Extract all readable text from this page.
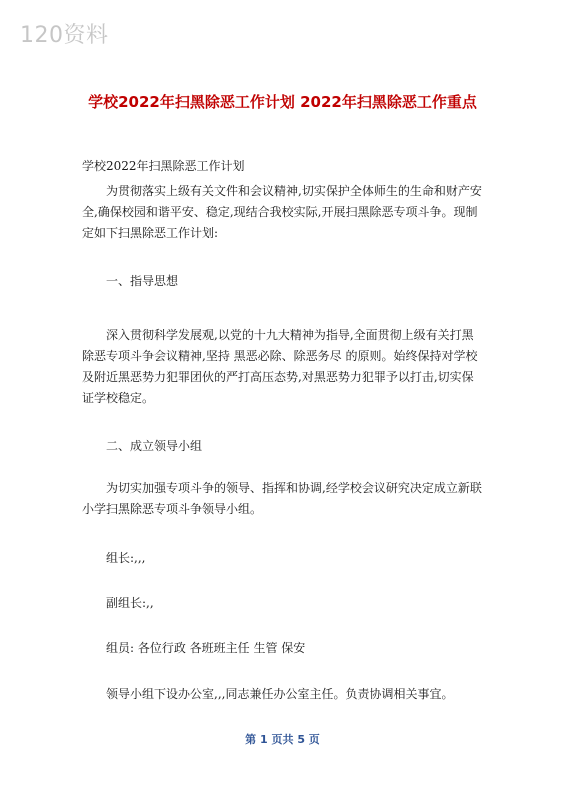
120资料
学校2022年扫黑除恶工作计划 2022年扫黑除恶工作重点

学校2022年扫黑除恶工作计划

为贯彻落实上级有关文件和会议精神,切实保护全体师生的生命和财产安全,确保校园和谐平安、稳定,现结合我校实际,开展扫黑除恶专项斗争。现制定如下扫黑除恶工作计划:

一、指导思想

深入贯彻科学发展观,以党的十九大精神为指导,全面贯彻上级有关打黑除恶专项斗争会议精神,坚持 黑恶必除、除恶务尽 的原则。始终保持对学校及附近黑恶势力犯罪团伙的严打高压态势,对黑恶势力犯罪予以打击,切实保证学校稳定。

二、成立领导小组

为切实加强专项斗争的领导、指挥和协调,经学校会议研究决定成立新联小学扫黑除恶专项斗争领导小组。

组长:,,,

副组长:,,

组员: 各位行政 各班班主任 生管 保安

领导小组下设办公室,,,同志兼任办公室主任。负责协调相关事宜。

第 1 页共 5 页
